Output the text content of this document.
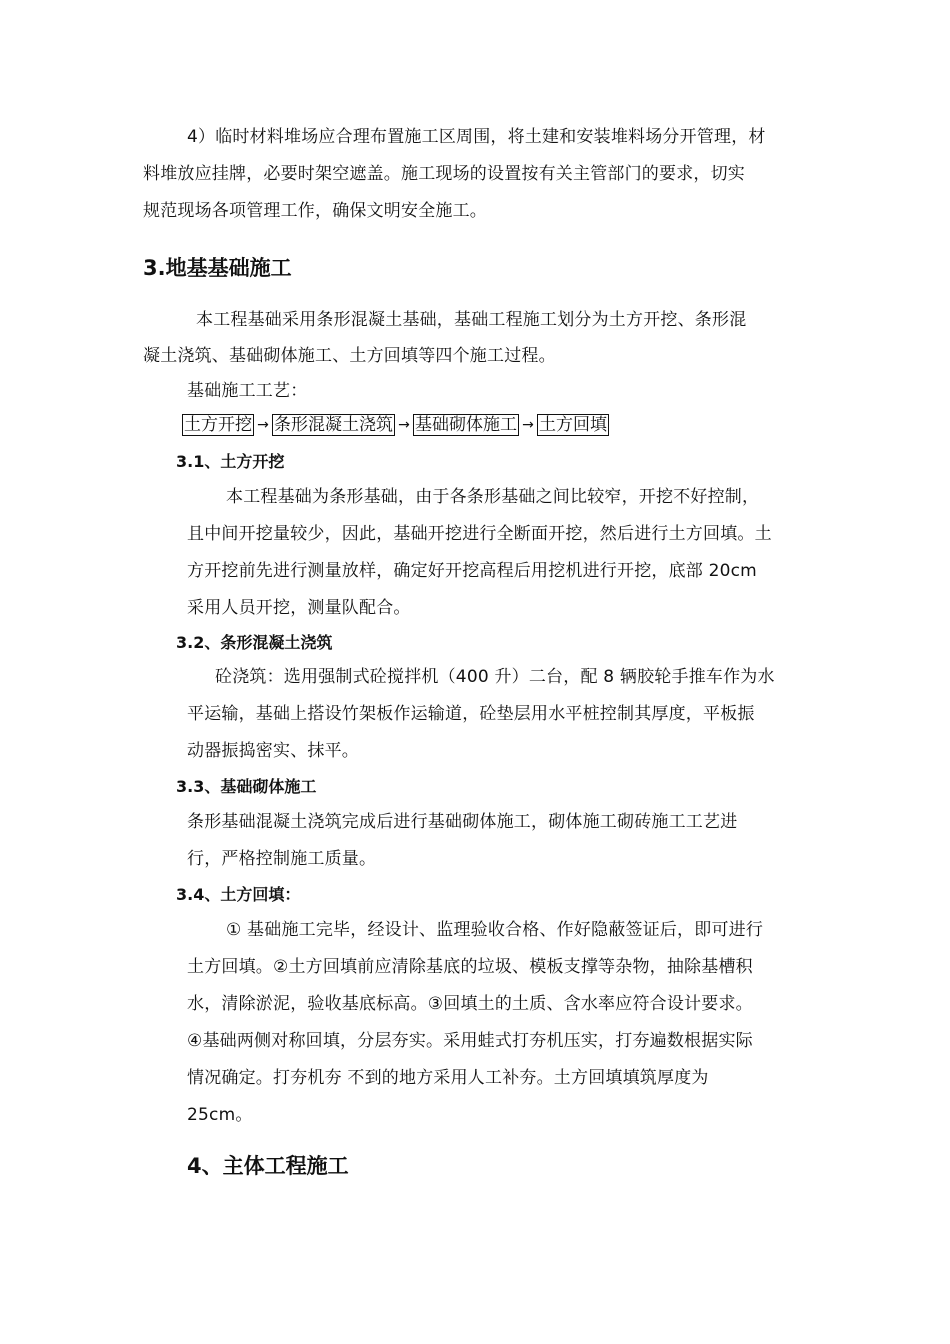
4）临时材料堆场应合理布置施工区周围，将土建和安装堆料场分开管理，材
料堆放应挂牌，必要时架空遮盖。施工现场的设置按有关主管部门的要求，切实
规范现场各项管理工作，确保文明安全施工。
3.地基基础施工
本工程基础采用条形混凝土基础，基础工程施工划分为土方开挖、条形混
凝土浇筑、基础砌体施工、土方回填等四个施工过程。
基础施工工艺：
土方开挖 → 条形混凝土浇筑 → 基础砌体施工 → 土方回填
3.1、土方开挖
本工程基础为条形基础，由于各条形基础之间比较窄，开挖不好控制，
且中间开挖量较少，因此，基础开挖进行全断面开挖，然后进行土方回填。土
方开挖前先进行测量放样，确定好开挖高程后用挖机进行开挖，底部 20cm
采用人员开挖，测量队配合。
3.2、条形混凝土浇筑
砼浇筑：选用强制式砼搅拌机（400 升）二台，配 8 辆胶轮手推车作为水
平运输，基础上搭设竹架板作运输道，砼垫层用水平桩控制其厚度，平板振
动器振捣密实、抹平。
3.3、基础砌体施工
条形基础混凝土浇筑完成后进行基础砌体施工，砌体施工砌砖施工工艺进
行，严格控制施工质量。
3.4、土方回填：
① 基础施工完毕，经设计、监理验收合格、作好隐蔽签证后，即可进行
土方回填。②土方回填前应清除基底的垃圾、模板支撑等杂物，抽除基槽积
水，清除淤泥，验收基底标高。③回填土的土质、含水率应符合设计要求。
④基础两侧对称回填，分层夯实。采用蛙式打夯机压实，打夯遍数根据实际
情况确定。打夯机夯 不到的地方采用人工补夯。土方回填填筑厚度为
25cm。
4、主体工程施工
